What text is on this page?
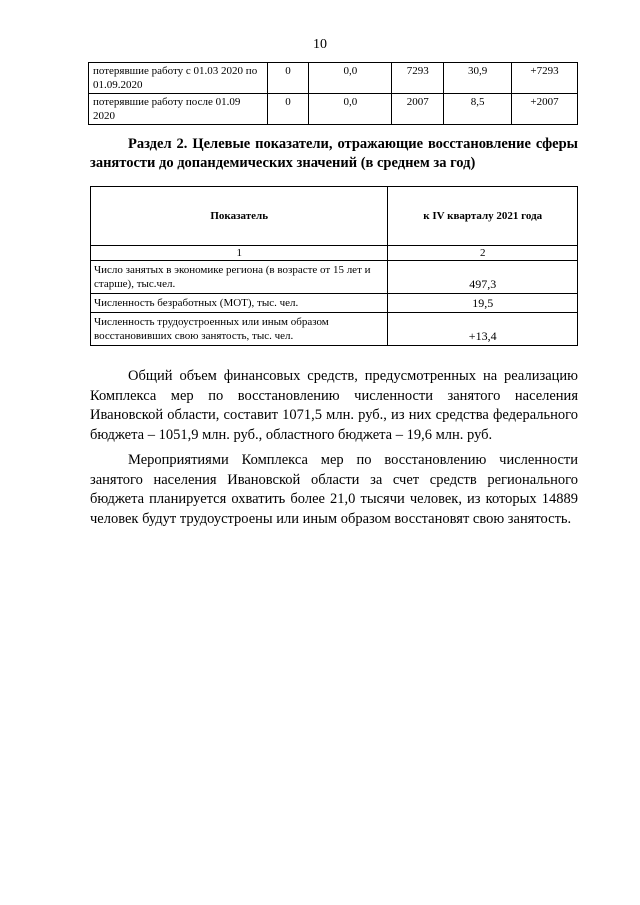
10
потерявшие работу с 01.03 2020 по 01.09.2020	0	0,0	7293	30,9	+7293
потерявшие работу после 01.09 2020	0	0,0	2007	8,5	+2007
Раздел 2. Целевые показатели, отражающие восстановление сферы занятости до допандемических значений (в среднем за год)
Показатель	к IV кварталу 2021 года
1	2
Число занятых в экономике региона (в возрасте от 15 лет и старше), тыс.чел.	497,3
Численность безработных (МОТ), тыс. чел.	19,5
Численность трудоустроенных или иным образом восстановивших свою занятость, тыс. чел.	+13,4

Общий объем финансовых средств, предусмотренных на реализацию Комплекса мер по восстановлению численности занятого населения Ивановской области, составит 1071,5 млн. руб., из них средства федерального бюджета – 1051,9 млн. руб., областного бюджета – 19,6 млн. руб.

Мероприятиями Комплекса мер по восстановлению численности занятого населения Ивановской области за счет средств регионального бюджета планируется охватить более 21,0 тысячи человек, из которых 14889 человек будут трудоустроены или иным образом восстановят свою занятость.
